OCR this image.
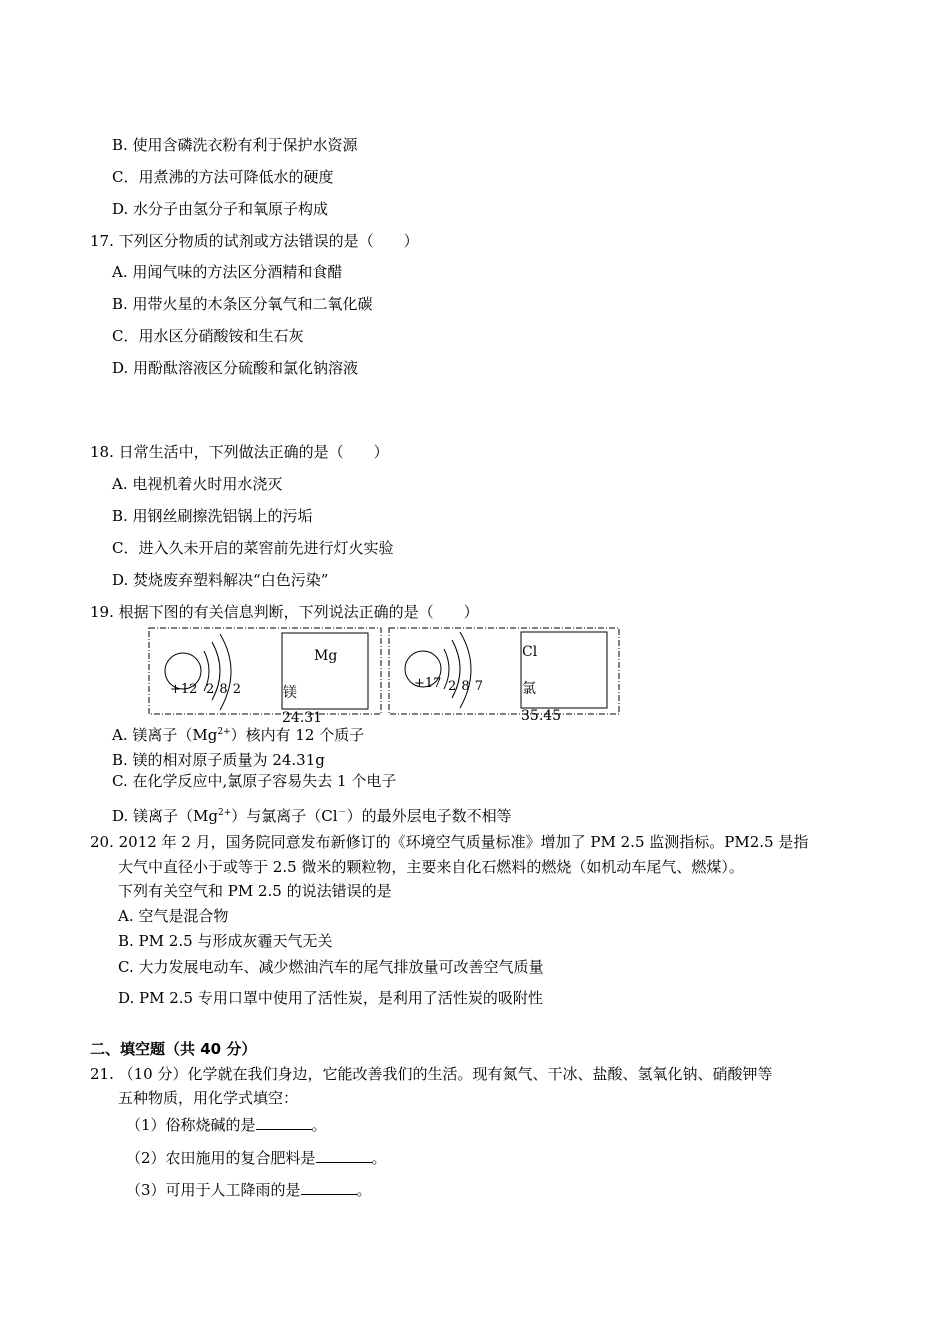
B. 使用含磷洗衣粉有利于保护水资源
C．用煮沸的方法可降低水的硬度
D. 水分子由氢分子和氧原子构成
17. 下列区分物质的试剂或方法错误的是（　　）
A. 用闻气味的方法区分酒精和食醋
B. 用带火星的木条区分氧气和二氧化碳
C．用水区分硝酸铵和生石灰
D. 用酚酞溶液区分硫酸和氯化钠溶液
18. 日常生活中，下列做法正确的是（　　）
A. 电视机着火时用水浇灭
B. 用钢丝刷擦洗铝锅上的污垢
C．进入久未开启的菜窖前先进行灯火实验
D. 焚烧废弃塑料解决“白色污染”
19. 根据下图的有关信息判断，下列说法正确的是（　　）
+12 2 8 2
Mg
镁
24.31
+17 2 8 7
Cl
氯
35.45
A. 镁离子$(Mg^{2+})$核内有 12 个质子
B. 镁的相对原子质量为 24.31g
C. 在化学反应中,氯原子容易失去 1 个电子
D. 镁离子$(Mg^{2+})$与氯离子（Cl－）的最外层电子数不相等
20. 2012 年 2 月，国务院同意发布新修订的《环境空气质量标准》增加了 PM 2.5 监测指标。PM2.5 是指
大气中直径小于或等于 2.5 微米的颗粒物，主要来自化石燃料的燃烧（如机动车尾气、燃煤）。
下列有关空气和 PM 2.5 的说法错误的是
A. 空气是混合物
B. PM 2.5 与形成灰霾天气无关
C. 大力发展电动车、减少燃油汽车的尾气排放量可改善空气质量
D. PM 2.5 专用口罩中使用了活性炭，是利用了活性炭的吸附性
二、填空题（共 40 分）
21. （10 分）化学就在我们身边，它能改善我们的生活。现有氮气、干冰、盐酸、氢氧化钠、硝酸钾等
五种物质，用化学式填空：
（1）俗称烧碱的是	。
（2）农田施用的复合肥料是	。
（3）可用于人工降雨的是	。
